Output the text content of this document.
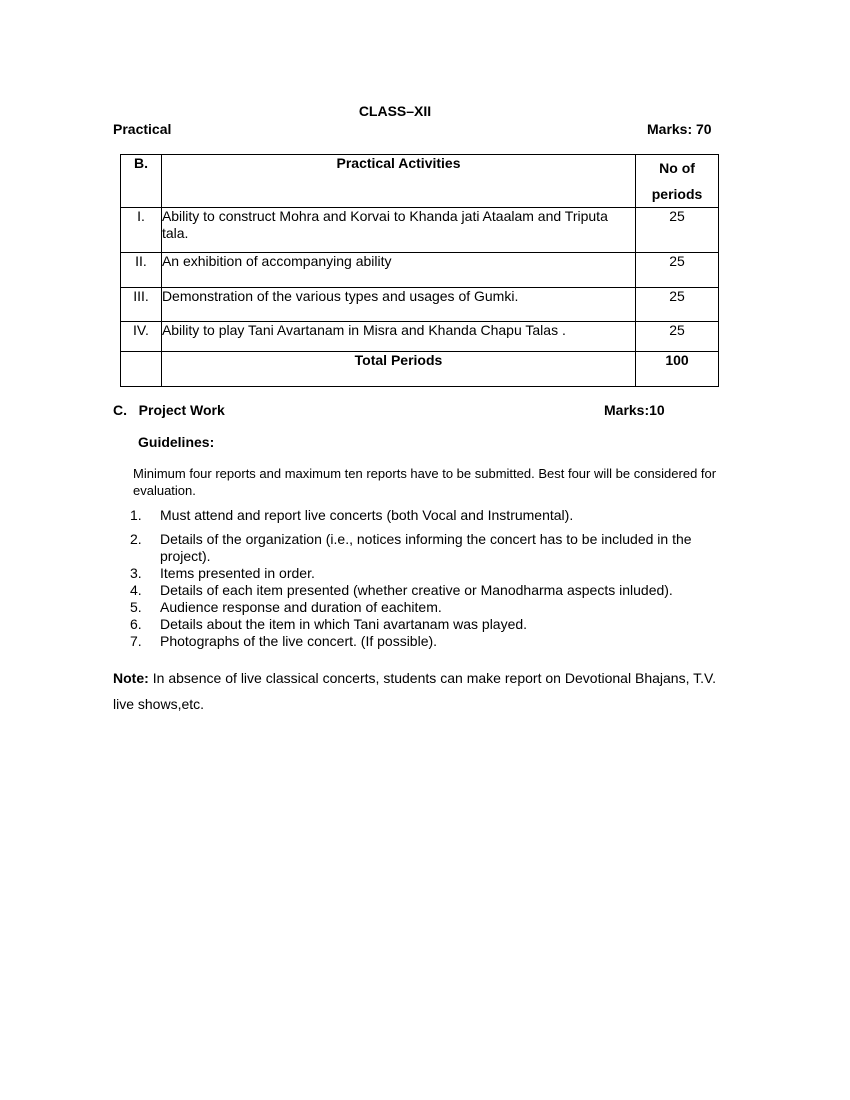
CLASS–XII
Practical	Marks: 70
B.	Practical Activities	No of periods
I.	Ability to construct Mohra and Korvai to Khanda jati Ataalam and Triputa tala.	25
II.	An exhibition of accompanying ability	25
III.	Demonstration of the various types and usages of Gumki.	25
IV.	Ability to play Tani Avartanam in Misra and Khanda Chapu Talas .	25
	Total Periods	100
C.   Project Work	Marks:10
Guidelines:
Minimum four reports and maximum ten reports have to be submitted. Best four will be considered for evaluation.
1.	Must attend and report live concerts (both Vocal and Instrumental).
2.	Details of the organization (i.e., notices informing the concert has to be included in the project).
3.	Items presented in order.
4.	Details of each item presented (whether creative or Manodharma aspects inluded).
5.	Audience response and duration of eachitem.
6.	Details about the item in which Tani avartanam was played.
7.	Photographs of the live concert. (If possible).
Note: In absence of live classical concerts, students can make report on Devotional Bhajans, T.V. live shows,etc.
